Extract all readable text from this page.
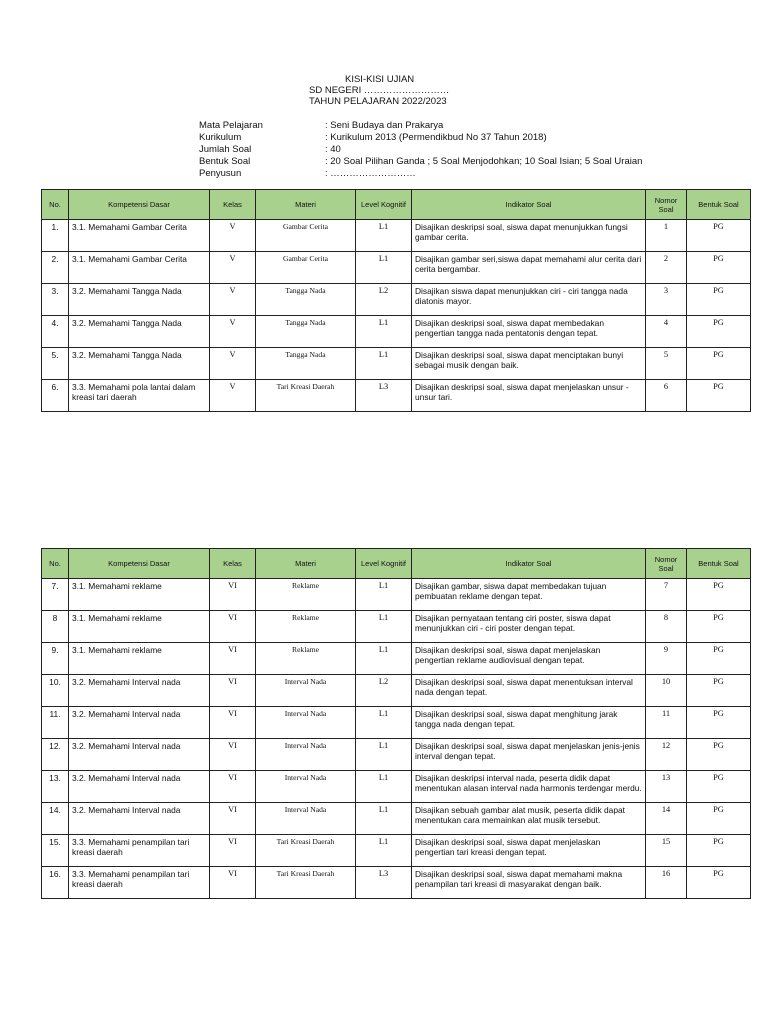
KISI-KISI UJIAN
SD NEGERI ………………………
TAHUN PELAJARAN 2022/2023
Mata Pelajaran	: Seni Budaya dan Prakarya
Kurikulum	: Kurikulum 2013 (Permendikbud No 37 Tahun 2018)
Jumlah Soal	: 40
Bentuk Soal	: 20 Soal Pilihan Ganda ; 5 Soal Menjodohkan; 10 Soal Isian; 5 Soal Uraian
Penyusun	: ………………………
No.	Kompetensi Dasar	Kelas	Materi	Level Kognitif	Indikator Soal	Nomor Soal	Bentuk Soal
1.	3.1. Memahami Gambar Cerita	V	Gambar Cerita	L1	Disajikan deskripsi soal, siswa dapat menunjukkan fungsi gambar cerita.	1	PG
2.	3.1. Memahami Gambar Cerita	V	Gambar Cerita	L1	Disajikan gambar seri,siswa dapat memahami alur cerita dari cerita bergambar.	2	PG
3.	3.2. Memahami Tangga Nada	V	Tangga Nada	L2	Disajikan siswa dapat menunjukkan ciri - ciri tangga nada diatonis mayor.	3	PG
4.	3.2. Memahami Tangga Nada	V	Tangga Nada	L1	Disajikan deskripsi soal, siswa dapat membedakan pengertian tangga nada pentatonis dengan tepat.	4	PG
5.	3.2. Memahami Tangga Nada	V	Tangga Nada	L1	Disajikan deskripsi soal, siswa dapat menciptakan bunyi sebagai musik dengan baik.	5	PG
6.	3.3. Memahami pola lantai dalam kreasi tari daerah	V	Tari Kreasi Daerah	L3	Disajikan deskripsi soal, siswa dapat menjelaskan unsur - unsur tari.	6	PG
No.	Kompetensi Dasar	Kelas	Materi	Level Kognitif	Indikator Soal	Nomor Soal	Bentuk Soal
7.	3.1. Memahami reklame	VI	Reklame	L1	Disajikan gambar, siswa dapat membedakan tujuan pembuatan reklame dengan tepat.	7	PG
8	3.1. Memahami reklame	VI	Reklame	L1	Disajikan pernyataan tentang ciri poster, siswa dapat menunjukkan ciri - ciri poster dengan tepat.	8	PG
9.	3.1. Memahami reklame	VI	Reklame	L1	Disajikan deskripsi soal, siswa dapat menjelaskan pengertian reklame audiovisual dengan tepat.	9	PG
10.	3.2. Memahami Interval nada	VI	Interval Nada	L2	Disajikan deskripsi soal, siswa dapat menentuksan interval nada dengan tepat.	10	PG
11.	3.2. Memahami Interval nada	VI	Interval Nada	L1	Disajikan deskripsi soal, siswa dapat menghitung jarak tangga nada dengan tepat.	11	PG
12.	3.2. Memahami Interval nada	VI	Interval Nada	L1	Disajikan deskripsi soal, siswa dapat menjelaskan jenis-jenis interval dengan tepat.	12	PG
13.	3.2. Memahami Interval nada	VI	Interval Nada	L1	Disajikan deskripsi interval nada, peserta didik dapat menentukan alasan interval nada harmonis terdengar merdu.	13	PG
14.	3.2. Memahami Interval nada	VI	Interval Nada	L1	Disajikan sebuah gambar alat musik, peserta didik dapat menentukan cara memainkan alat musik tersebut.	14	PG
15.	3.3. Memahami penampilan tari kreasi daerah	VI	Tari Kreasi Daerah	L1	Disajikan deskripsi soal, siswa dapat menjelaskan pengertian tari kreasi dengan tepat.	15	PG
16.	3.3. Memahami penampilan tari kreasi daerah	VI	Tari Kreasi Daerah	L3	Disajikan deskripsi soal, siswa dapat memahami makna penampilan tari kreasi di masyarakat dengan baik.	16	PG
